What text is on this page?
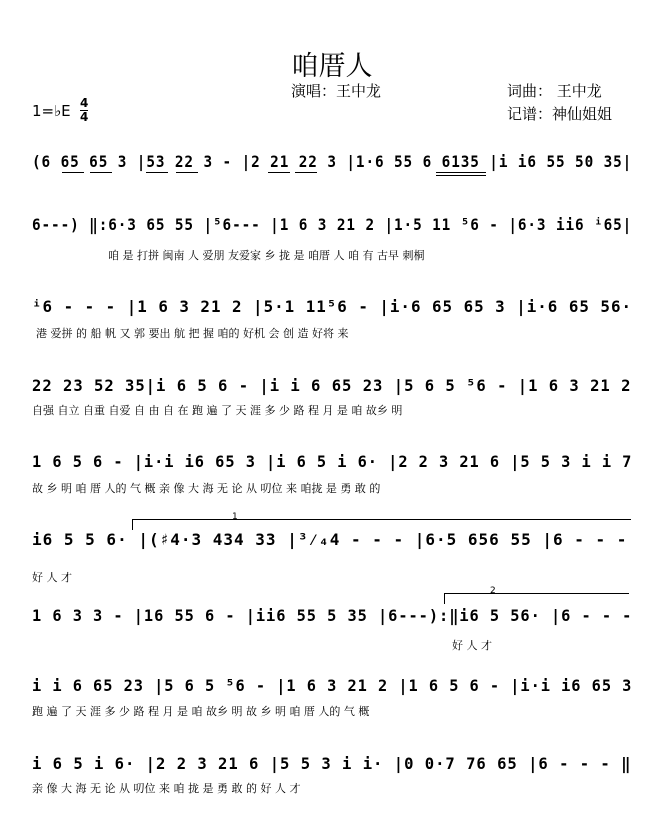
咱厝人
演唱：王中龙	词曲： 王中龙
记谱：神仙姐姐
1=♭E 4
4
(6 65 65 3 |53 22 3 - |2 21 22 3 |1·6 55 6 6135 |i i6 55 50 35|
6---) ‖:6·3 65 55 |⁵6--- |1 6 3 21 2 |1·5 11 ⁵6 - |6·3 ii6 ⁱ65|
咱 是 打拼 闽南 人 爱朋 友爱家 乡 拢 是 咱厝 人 咱 有 古早 刺桐
ⁱ6 - - - |1 6 3 21 2 |5·1 11⁵6 - |i·6 65 65 3 |i·6 65 56·
港 爱拼 的 船 帆 又 郭 要出 航 把 握 咱的 好机 会 创 造 好将 来
22 23 52 35|i 6 5 6 - |i i 6 65 23 |5 6 5 ⁵6 - |1 6 3 21 2
自强 自立 自重 自爱 自 由 自 在 跑 遍 了 天 涯 多 少 路 程 月 是 咱 故乡 明
1 6 5 6 - |i·i i6 65 3 |i 6 5 i 6· |2 2 3 21 6 |5 5 3 i i 7
故 乡 明 咱 厝 人的 气 概 亲 像 大 海 无 论 从 叨位 来 咱拢 是 勇 敢 的
1
i6 5 5 6· |(♯4·3 434 33 |³⁄₄4 - - - |6·5 656 55 |6 - - -
好 人 才
2
1 6 3 3 - |16 55 6 - |ii6 55 5 35 |6---):‖i6 5 56· |6 - - -
好 人 才
i i 6 65 23 |5 6 5 ⁵6 - |1 6 3 21 2 |1 6 5 6 - |i·i i6 65 3
跑 遍 了 天 涯 多 少 路 程 月 是 咱 故乡 明 故 乡 明 咱 厝 人的 气 概
i 6 5 i 6· |2 2 3 21 6 |5 5 3 i i· |0 0·7 76 65 |6 - - - ‖
亲 像 大 海 无 论 从 叨位 来 咱 拢 是 勇 敢 的 好 人 才
